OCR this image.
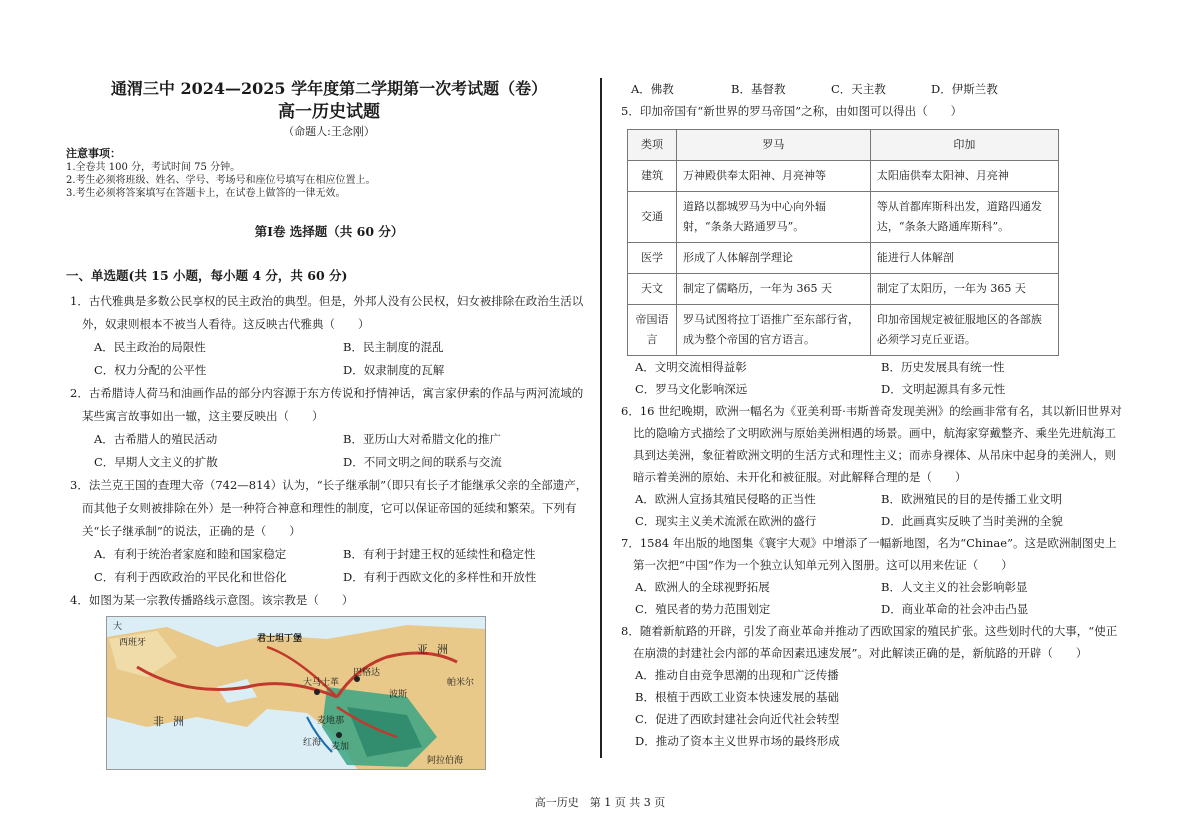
通渭三中 2024—2025 学年度第二学期第一次考试题（卷）
高一历史试题
（命题人:王念刚）
注意事项：
1.全卷共 100 分，考试时间 75 分钟。
2.考生必须将班级、姓名、学号、考场号和座位号填写在相应位置上。
3.考生必须将答案填写在答题卡上，在试卷上做答的一律无效。
第Ⅰ卷 选择题（共 60 分）
一、单选题(共 15 小题，每小题 4 分，共 60 分)
1．古代雅典是多数公民享权的民主政治的典型。但是，外邦人没有公民权，妇女被排除在政治生活以外，奴隶则根本不被当人看待。这反映古代雅典（　　）
A．民主政治的局限性	B．民主制度的混乱
C．权力分配的公平性	D．奴隶制度的瓦解
2．古希腊诗人荷马和油画作品的部分内容源于东方传说和抒情神话，寓言家伊索的作品与两河流域的某些寓言故事如出一辙，这主要反映出（　　）
A．古希腊人的殖民活动	B．亚历山大对希腊文化的推广
C．早期人文主义的扩散	D．不同文明之间的联系与交流
3．法兰克王国的查理大帝（742—814）认为，“长子继承制”（即只有长子才能继承父亲的全部遗产，而其他子女则被排除在外）是一种符合神意和理性的制度，它可以保证帝国的延续和繁荣。下列有关“长子继承制”的说法，正确的是（　　）
A．有利于统治者家庭和睦和国家稳定	B．有利于封建王权的延续性和稳定性
C．有利于西欧政治的平民化和世俗化	D．有利于西欧文化的多样性和开放性
4．如图为某一宗教传播路线示意图。该宗教是（　　）
西班牙	君士坦丁堡
大马士革
巴格达
麦加
麦地那
红海
亚 洲
非 洲
阿拉伯海
帕米尔
大
波斯
A．佛教	B．基督教	C．天主教	D．伊斯兰教
5．印加帝国有“新世界的罗马帝国”之称，由如图可以得出（　　）
类项	罗马	印加
建筑	万神殿供奉太阳神、月亮神等	太阳庙供奉太阳神、月亮神
交通	道路以都城罗马为中心向外辐射，“条条大路通罗马”。	等从首都库斯科出发，道路四通发达，“条条大路通库斯科”。
医学	形成了人体解剖学理论	能进行人体解剖
天文	制定了儒略历，一年为 365 天	制定了太阳历，一年为 365 天
帝国语言	罗马试图将拉丁语推广至东部行省，成为整个帝国的官方语言。	印加帝国规定被征服地区的各部族必须学习克丘亚语。
A．文明交流相得益彰	B．历史发展具有统一性
C．罗马文化影响深远	D．文明起源具有多元性
6．16 世纪晚期，欧洲一幅名为《亚美利哥·韦斯普奇发现美洲》的绘画非常有名，其以新旧世界对比的隐喻方式描绘了文明欧洲与原始美洲相遇的场景。画中，航海家穿戴整齐、乘坐先进航海工具到达美洲，象征着欧洲文明的生活方式和理性主义；而赤身裸体、从吊床中起身的美洲人，则暗示着美洲的原始、未开化和被征服。对此解释合理的是（　　）
A．欧洲人宣扬其殖民侵略的正当性	B．欧洲殖民的目的是传播工业文明
C．现实主义美术流派在欧洲的盛行	D．此画真实反映了当时美洲的全貌
7．1584 年出版的地图集《寰宇大观》中增添了一幅新地图，名为“Chinae”。这是欧洲制图史上第一次把“中国”作为一个独立认知单元列入图册。这可以用来佐证（　　）
A．欧洲人的全球视野拓展	B．人文主义的社会影响彰显
C．殖民者的势力范围划定	D．商业革命的社会冲击凸显
8．随着新航路的开辟，引发了商业革命并推动了西欧国家的殖民扩张。这些划时代的大事，“使正在崩溃的封建社会内部的革命因素迅速发展”。对此解读正确的是，新航路的开辟（　　）
A．推动自由竞争思潮的出现和广泛传播
B．根植于西欧工业资本快速发展的基础
C．促进了西欧封建社会向近代社会转型
D．推动了资本主义世界市场的最终形成
高一历史　第 1 页 共 3 页
